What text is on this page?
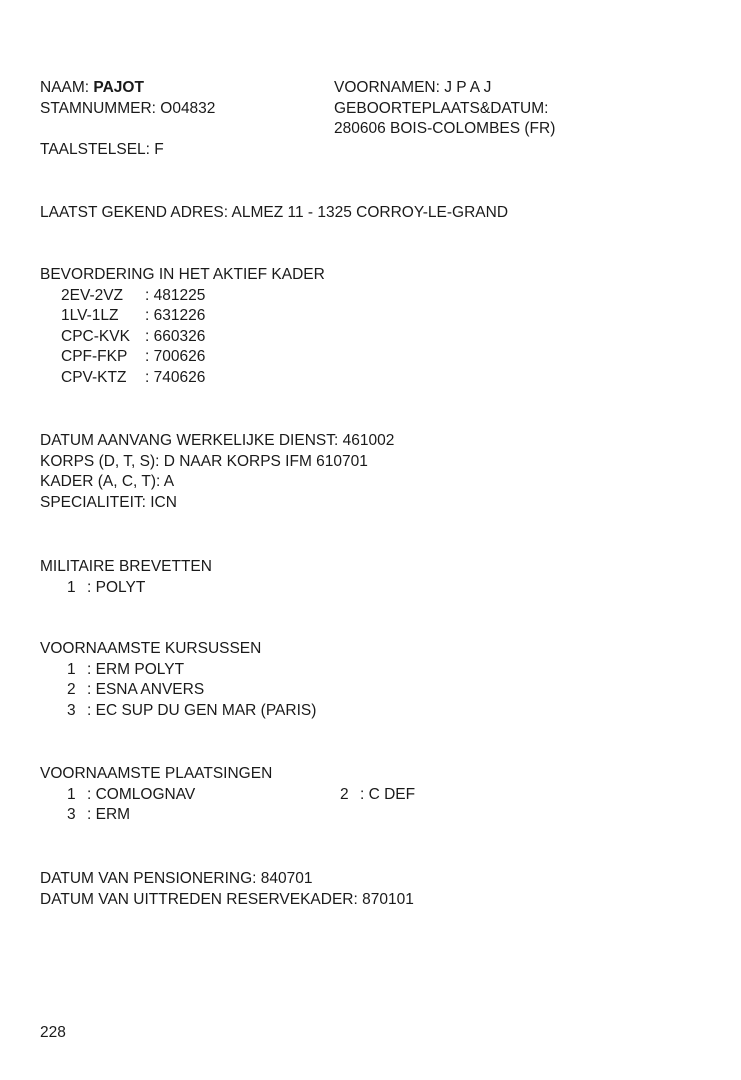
NAAM: PAJOT
STAMNUMMER: O04832
TAALSTELSEL: F
VOORNAMEN: J P A J
GEBOORTEPLAATS&DATUM:
280606 BOIS-COLOMBES (FR)
LAATST GEKEND ADRES: ALMEZ 11 - 1325 CORROY-LE-GRAND
BEVORDERING IN HET AKTIEF KADER
2EV-2VZ : 481225
1LV-1LZ : 631226
CPC-KVK : 660326
CPF-FKP : 700626
CPV-KTZ : 740626
DATUM AANVANG WERKELIJKE DIENST: 461002
KORPS (D, T, S): D NAAR KORPS IFM 610701
KADER (A, C, T): A
SPECIALITEIT: ICN
MILITAIRE BREVETTEN
1 : POLYT
VOORNAAMSTE KURSUSSEN
1 : ERM POLYT
2 : ESNA ANVERS
3 : EC SUP DU GEN MAR (PARIS)
VOORNAAMSTE PLAATSINGEN
1 : COMLOGNAV	2 : C DEF
3 : ERM
DATUM VAN PENSIONERING: 840701
DATUM VAN UITTREDEN RESERVEKADER: 870101
228
